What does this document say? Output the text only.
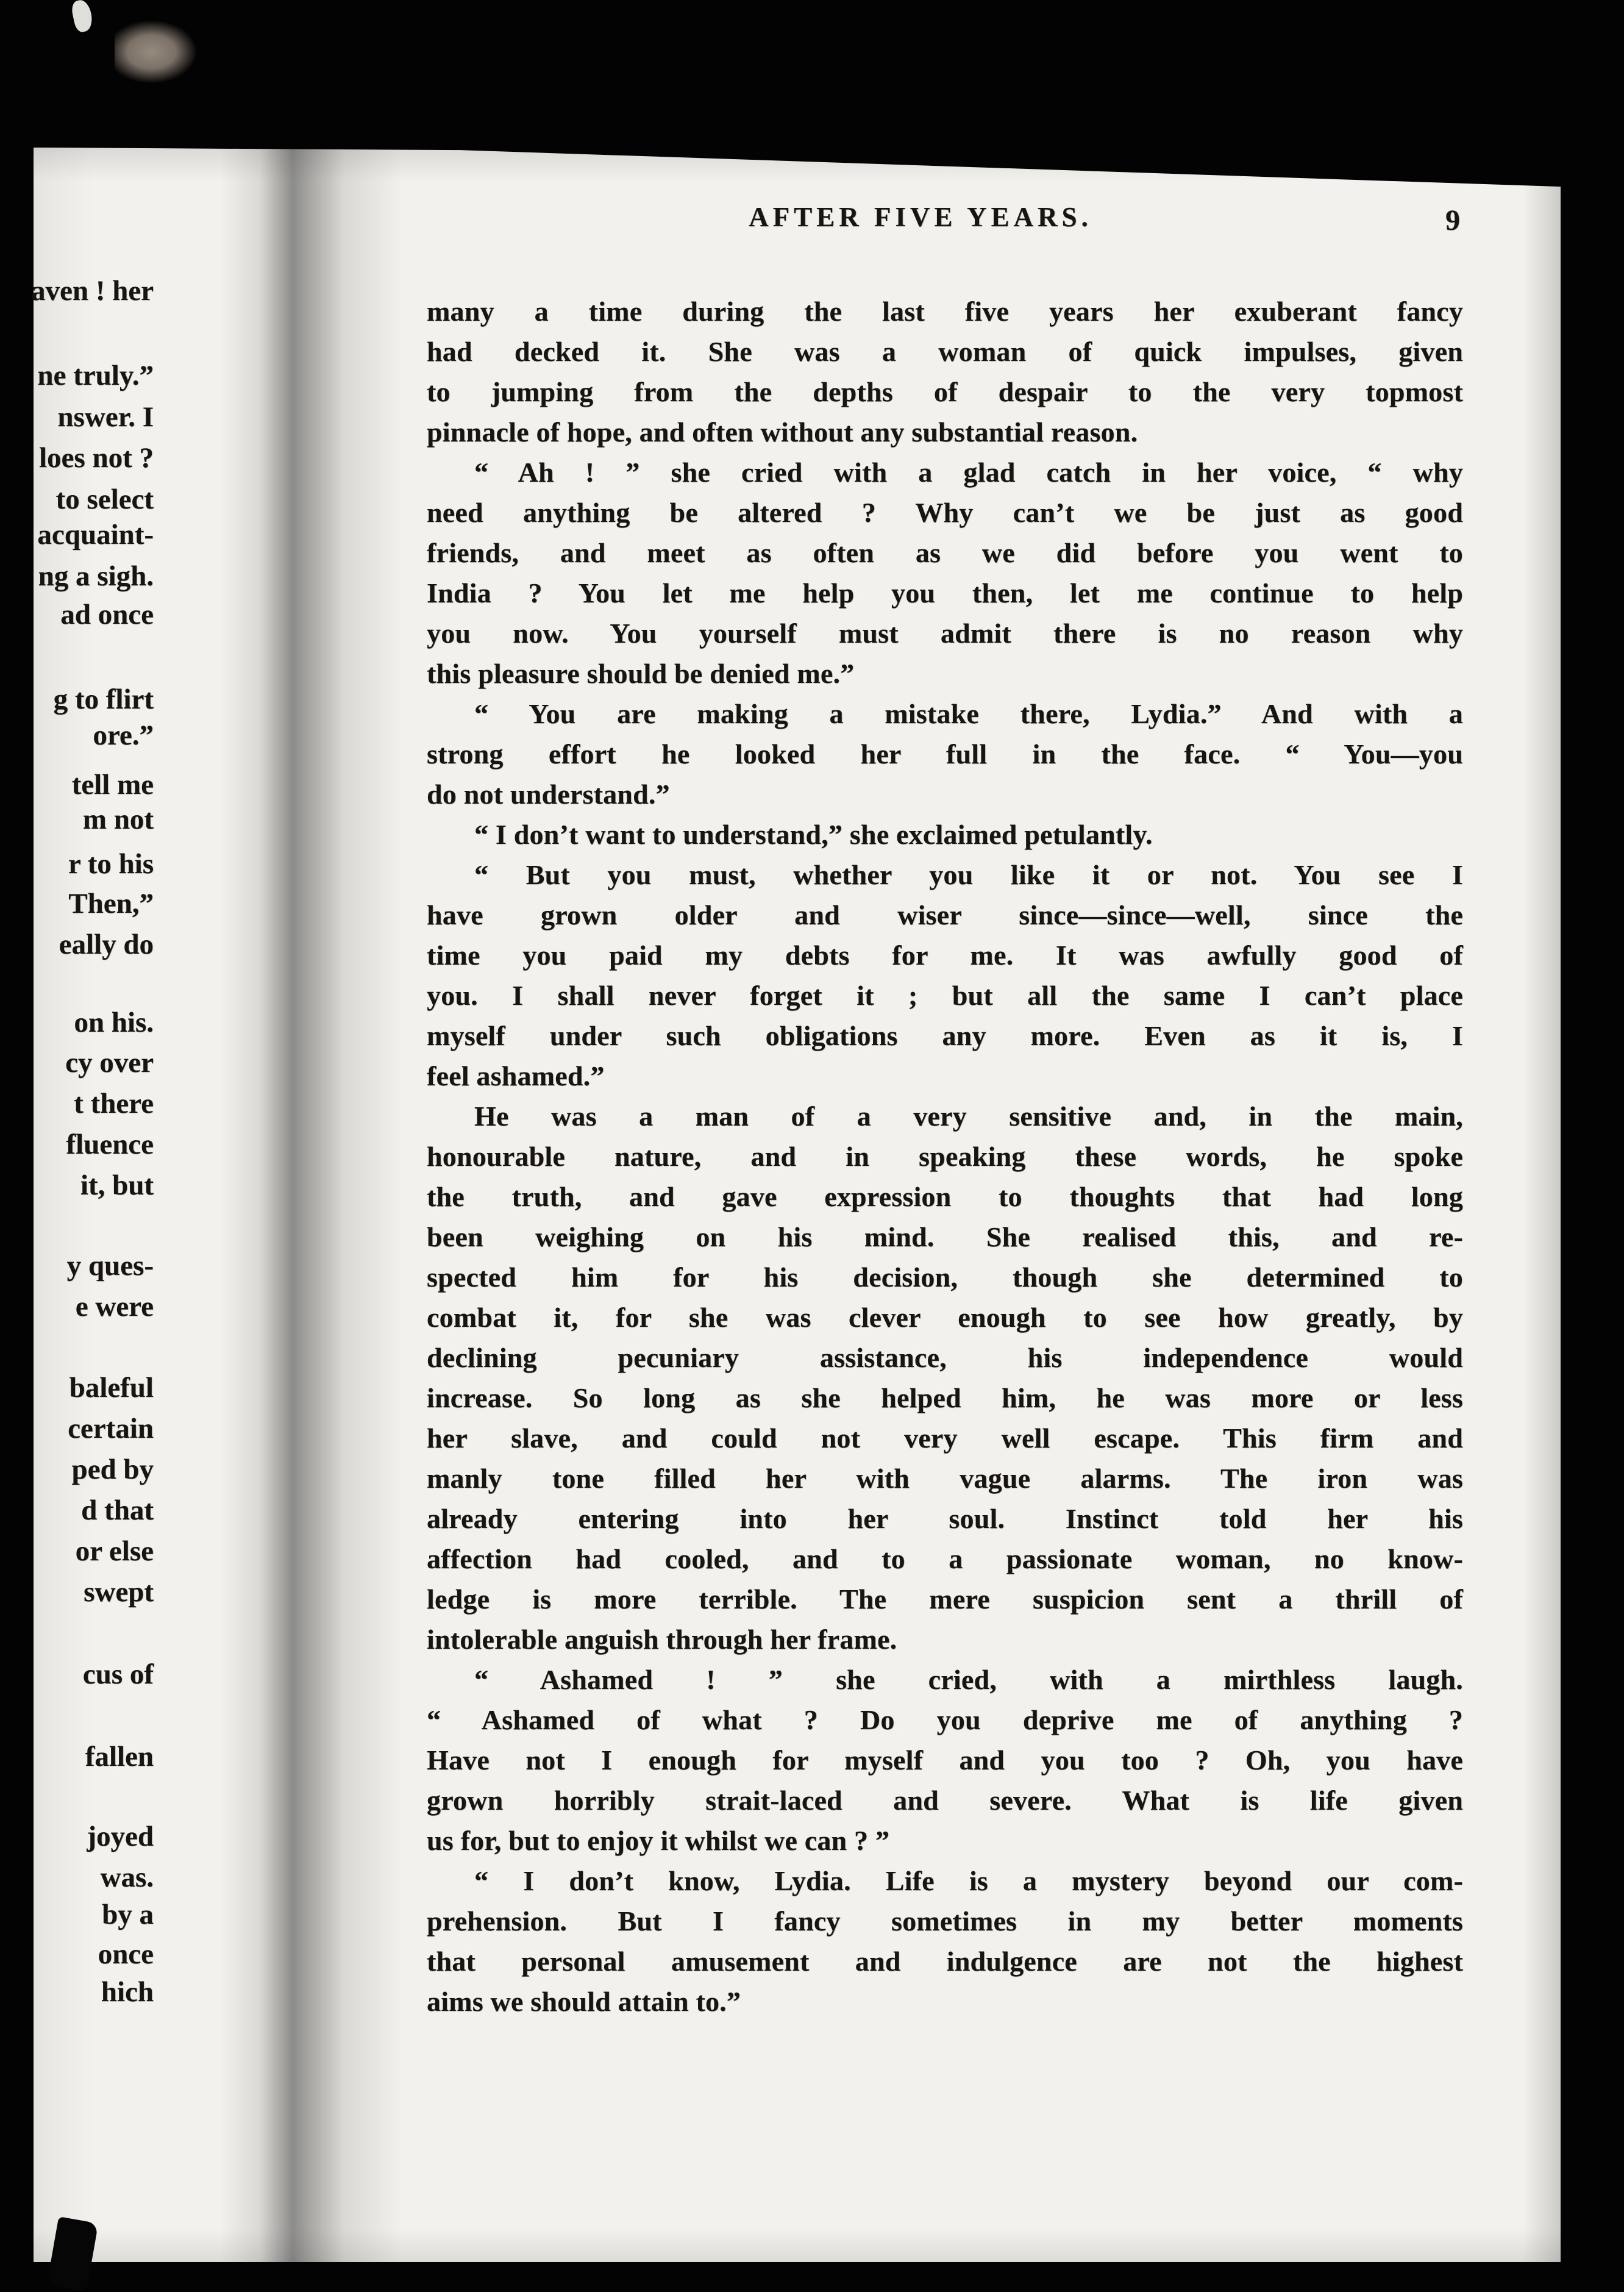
aven ! her
ne truly.”
nswer. I
loes not ?
to select
acquaint-
ng a sigh.
ad once
g to flirt
ore.”
tell me
m not
r to his
Then,”
eally do
on his.
cy over
t there
fluence
it, but
y ques-
e were
baleful
certain
ped by
d that
or else
swept
cus of
fallen
joyed
was.
by a
once
hich
AFTER FIVE YEARS.	9
many a time during the last five years her exuberant fancy
had decked it. She was a woman of quick impulses, given
to jumping from the depths of despair to the very topmost
pinnacle of hope, and often without any substantial reason.
“ Ah ! ” she cried with a glad catch in her voice, “ why
need anything be altered ? Why can’t we be just as good
friends, and meet as often as we did before you went to
India ? You let me help you then, let me continue to help
you now. You yourself must admit there is no reason why
this pleasure should be denied me.”
“ You are making a mistake there, Lydia.” And with a
strong effort he looked her full in the face. “ You—you
do not understand.”
“ I don’t want to understand,” she exclaimed petulantly.
“ But you must, whether you like it or not. You see I
have grown older and wiser since—since—well, since the
time you paid my debts for me. It was awfully good of
you. I shall never forget it ; but all the same I can’t place
myself under such obligations any more. Even as it is, I
feel ashamed.”
He was a man of a very sensitive and, in the main,
honourable nature, and in speaking these words, he spoke
the truth, and gave expression to thoughts that had long
been weighing on his mind. She realised this, and re-
spected him for his decision, though she determined to
combat it, for she was clever enough to see how greatly, by
declining pecuniary assistance, his independence would
increase. So long as she helped him, he was more or less
her slave, and could not very well escape. This firm and
manly tone filled her with vague alarms. The iron was
already entering into her soul. Instinct told her his
affection had cooled, and to a passionate woman, no know-
ledge is more terrible. The mere suspicion sent a thrill of
intolerable anguish through her frame.
“ Ashamed ! ” she cried, with a mirthless laugh.
“ Ashamed of what ? Do you deprive me of anything ?
Have not I enough for myself and you too ? Oh, you have
grown horribly strait-laced and severe. What is life given
us for, but to enjoy it whilst we can ? ”
“ I don’t know, Lydia. Life is a mystery beyond our com-
prehension. But I fancy sometimes in my better moments
that personal amusement and indulgence are not the highest
aims we should attain to.”
